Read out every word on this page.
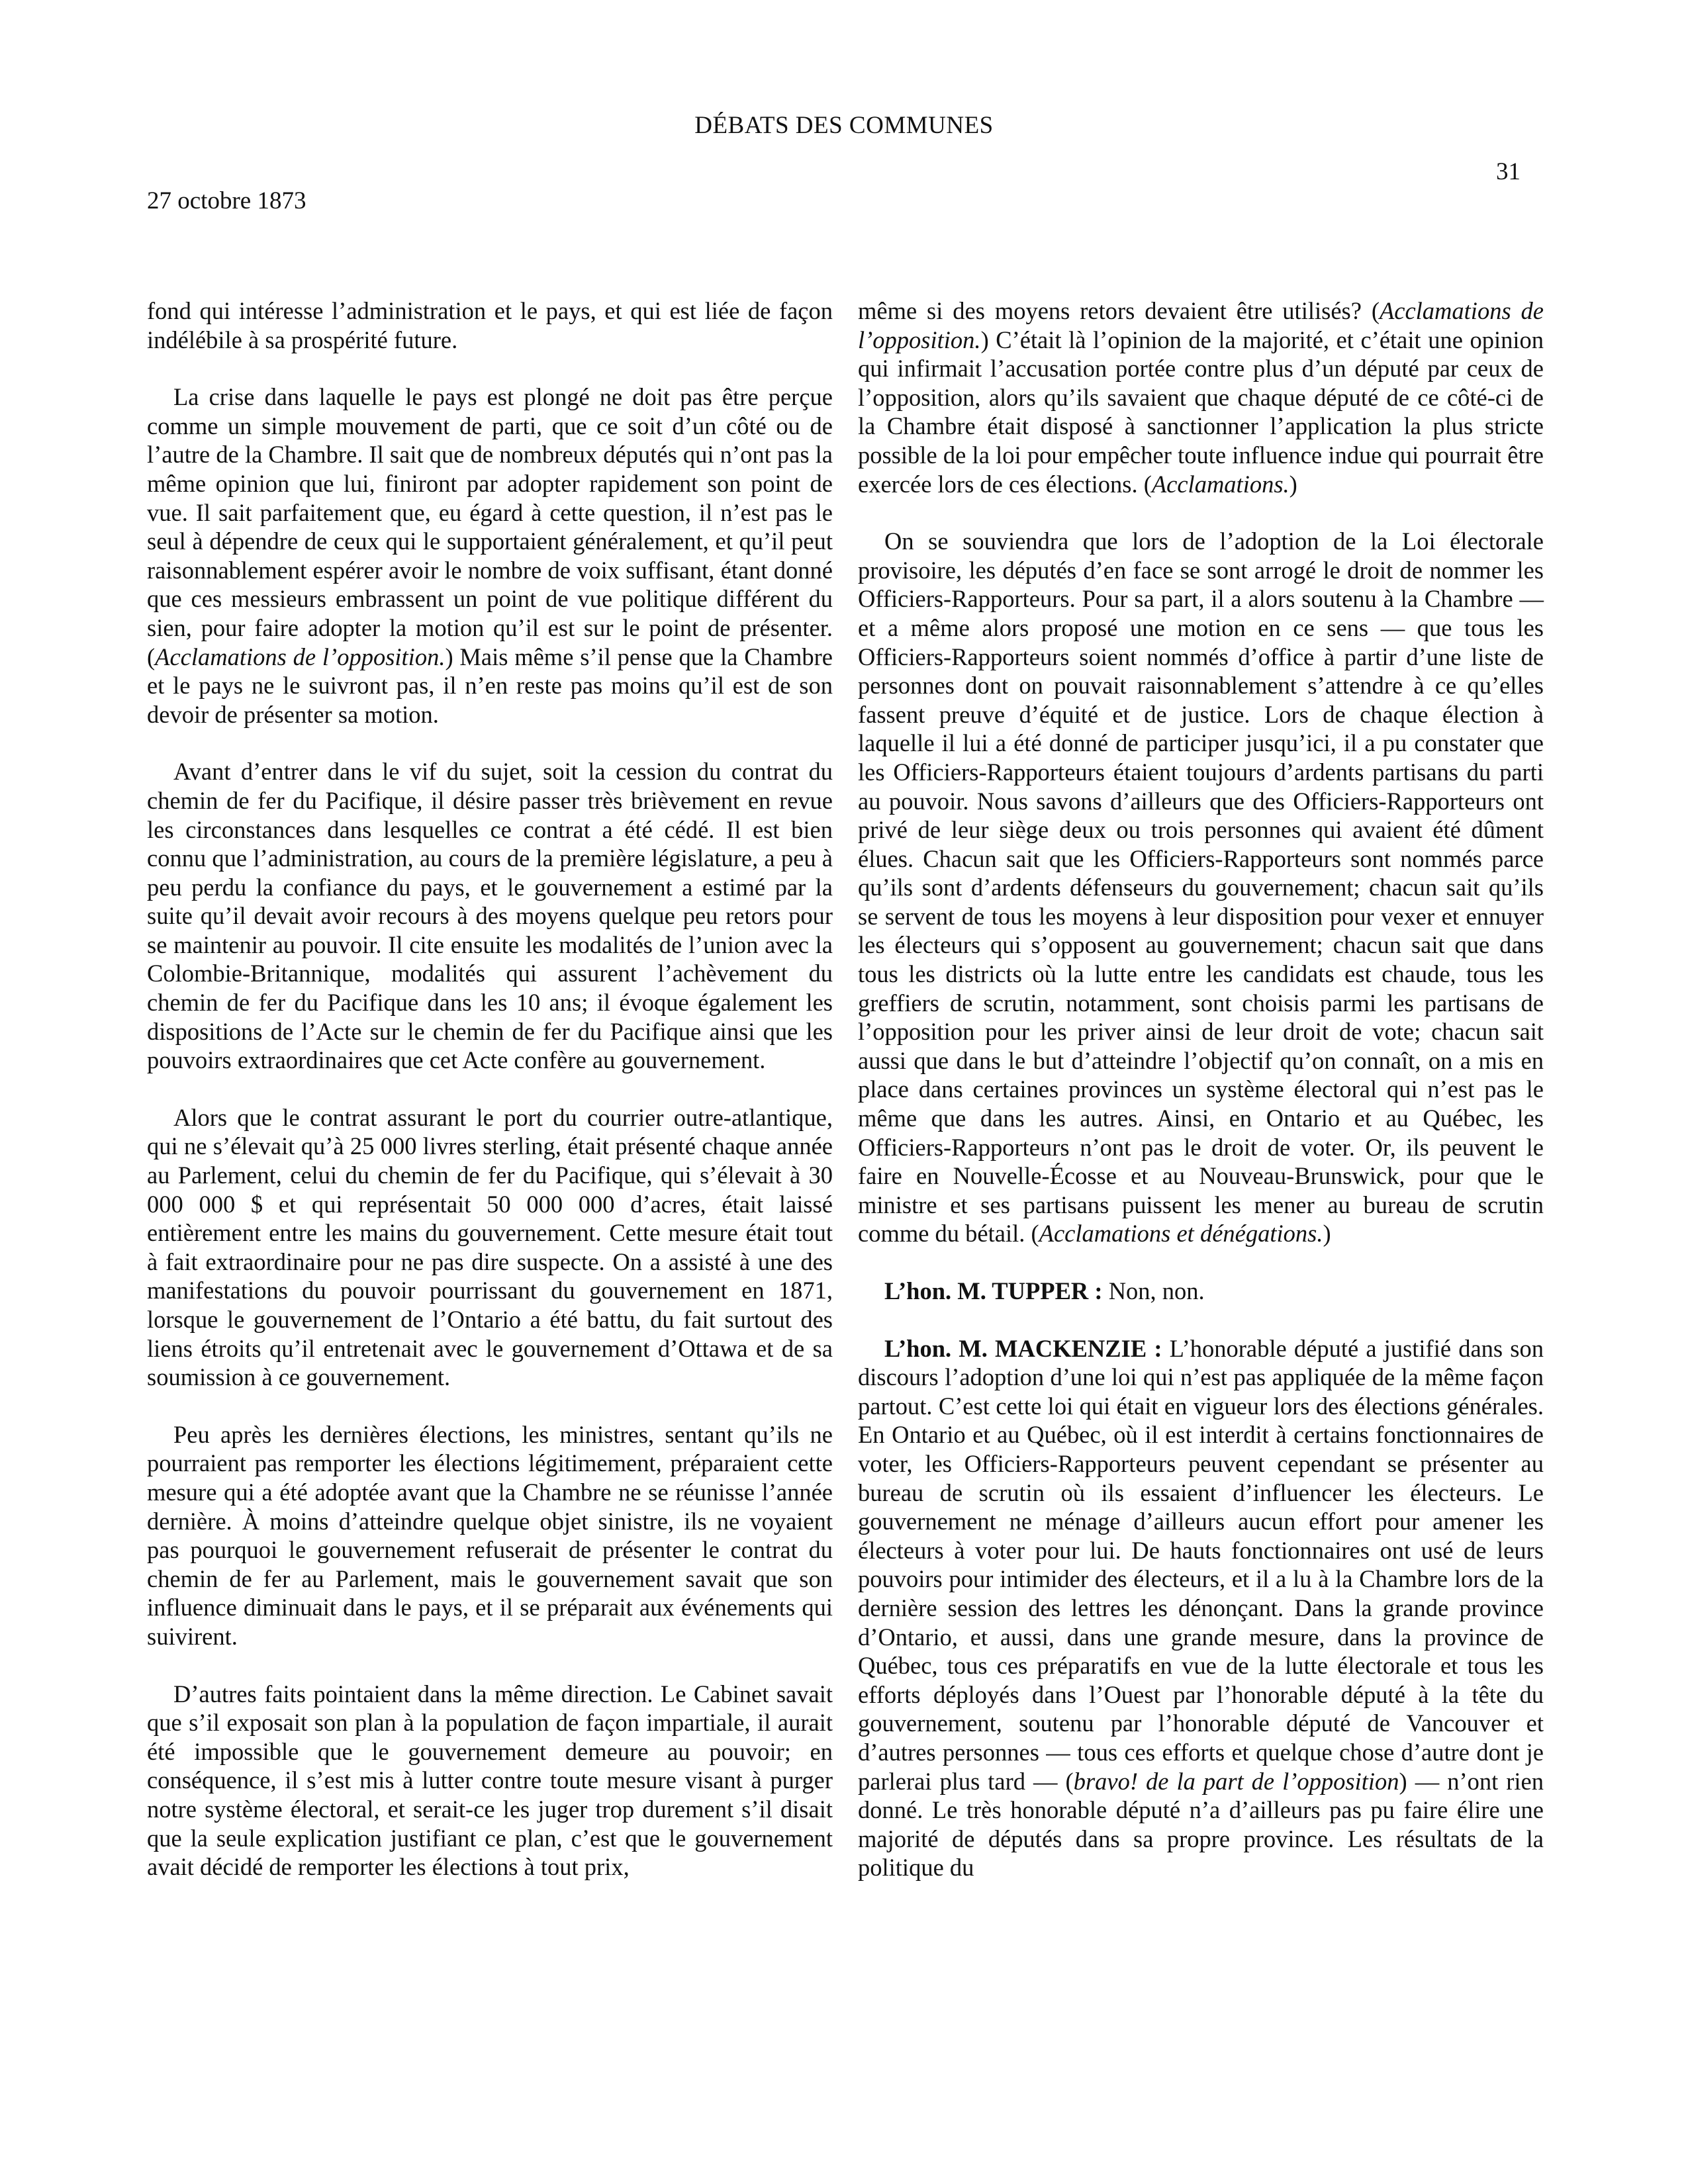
DÉBATS DES COMMUNES
31
27 octobre 1873

fond qui intéresse l’administration et le pays, et qui est liée de façon indélébile à sa prospérité future.

La crise dans laquelle le pays est plongé ne doit pas être perçue comme un simple mouvement de parti, que ce soit d’un côté ou de l’autre de la Chambre. Il sait que de nombreux députés qui n’ont pas la même opinion que lui, finiront par adopter rapidement son point de vue. Il sait parfaitement que, eu égard à cette question, il n’est pas le seul à dépendre de ceux qui le supportaient généralement, et qu’il peut raisonnablement espérer avoir le nombre de voix suffisant, étant donné que ces messieurs embrassent un point de vue politique différent du sien, pour faire adopter la motion qu’il est sur le point de présenter. (Acclamations de l’opposition.) Mais même s’il pense que la Chambre et le pays ne le suivront pas, il n’en reste pas moins qu’il est de son devoir de présenter sa motion.

Avant d’entrer dans le vif du sujet, soit la cession du contrat du chemin de fer du Pacifique, il désire passer très brièvement en revue les circonstances dans lesquelles ce contrat a été cédé. Il est bien connu que l’administration, au cours de la première législature, a peu à peu perdu la confiance du pays, et le gouvernement a estimé par la suite qu’il devait avoir recours à des moyens quelque peu retors pour se maintenir au pouvoir. Il cite ensuite les modalités de l’union avec la Colombie-Britannique, modalités qui assurent l’achèvement du chemin de fer du Pacifique dans les 10 ans; il évoque également les dispositions de l’Acte sur le chemin de fer du Pacifique ainsi que les pouvoirs extraordinaires que cet Acte confère au gouvernement.

Alors que le contrat assurant le port du courrier outre-atlantique, qui ne s’élevait qu’à 25 000 livres sterling, était présenté chaque année au Parlement, celui du chemin de fer du Pacifique, qui s’élevait à 30 000 000 $ et qui représentait 50 000 000 d’acres, était laissé entièrement entre les mains du gouvernement. Cette mesure était tout à fait extraordinaire pour ne pas dire suspecte. On a assisté à une des manifestations du pouvoir pourrissant du gouvernement en 1871, lorsque le gouvernement de l’Ontario a été battu, du fait surtout des liens étroits qu’il entretenait avec le gouvernement d’Ottawa et de sa soumission à ce gouvernement.

Peu après les dernières élections, les ministres, sentant qu’ils ne pourraient pas remporter les élections légitimement, préparaient cette mesure qui a été adoptée avant que la Chambre ne se réunisse l’année dernière. À moins d’atteindre quelque objet sinistre, ils ne voyaient pas pourquoi le gouvernement refuserait de présenter le contrat du chemin de fer au Parlement, mais le gouvernement savait que son influence diminuait dans le pays, et il se préparait aux événements qui suivirent.

D’autres faits pointaient dans la même direction. Le Cabinet savait que s’il exposait son plan à la population de façon impartiale, il aurait été impossible que le gouvernement demeure au pouvoir; en conséquence, il s’est mis à lutter contre toute mesure visant à purger notre système électoral, et serait-ce les juger trop durement s’il disait que la seule explication justifiant ce plan, c’est que le gouvernement avait décidé de remporter les élections à tout prix,

même si des moyens retors devaient être utilisés? (Acclamations de l’opposition.) C’était là l’opinion de la majorité, et c’était une opinion qui infirmait l’accusation portée contre plus d’un député par ceux de l’opposition, alors qu’ils savaient que chaque député de ce côté-ci de la Chambre était disposé à sanctionner l’application la plus stricte possible de la loi pour empêcher toute influence indue qui pourrait être exercée lors de ces élections. (Acclamations.)

On se souviendra que lors de l’adoption de la Loi électorale provisoire, les députés d’en face se sont arrogé le droit de nommer les Officiers-Rapporteurs. Pour sa part, il a alors soutenu à la Chambre — et a même alors proposé une motion en ce sens — que tous les Officiers-Rapporteurs soient nommés d’office à partir d’une liste de personnes dont on pouvait raisonnablement s’attendre à ce qu’elles fassent preuve d’équité et de justice. Lors de chaque élection à laquelle il lui a été donné de participer jusqu’ici, il a pu constater que les Officiers-Rapporteurs étaient toujours d’ardents partisans du parti au pouvoir. Nous savons d’ailleurs que des Officiers-Rapporteurs ont privé de leur siège deux ou trois personnes qui avaient été dûment élues. Chacun sait que les Officiers-Rapporteurs sont nommés parce qu’ils sont d’ardents défenseurs du gouvernement; chacun sait qu’ils se servent de tous les moyens à leur disposition pour vexer et ennuyer les électeurs qui s’opposent au gouvernement; chacun sait que dans tous les districts où la lutte entre les candidats est chaude, tous les greffiers de scrutin, notamment, sont choisis parmi les partisans de l’opposition pour les priver ainsi de leur droit de vote; chacun sait aussi que dans le but d’atteindre l’objectif qu’on connaît, on a mis en place dans certaines provinces un système électoral qui n’est pas le même que dans les autres. Ainsi, en Ontario et au Québec, les Officiers-Rapporteurs n’ont pas le droit de voter. Or, ils peuvent le faire en Nouvelle-Écosse et au Nouveau-Brunswick, pour que le ministre et ses partisans puissent les mener au bureau de scrutin comme du bétail. (Acclamations et dénégations.)

L’hon. M. TUPPER : Non, non.

L’hon. M. MACKENZIE : L’honorable député a justifié dans son discours l’adoption d’une loi qui n’est pas appliquée de la même façon partout. C’est cette loi qui était en vigueur lors des élections générales. En Ontario et au Québec, où il est interdit à certains fonctionnaires de voter, les Officiers-Rapporteurs peuvent cependant se présenter au bureau de scrutin où ils essaient d’influencer les électeurs. Le gouvernement ne ménage d’ailleurs aucun effort pour amener les électeurs à voter pour lui. De hauts fonctionnaires ont usé de leurs pouvoirs pour intimider des électeurs, et il a lu à la Chambre lors de la dernière session des lettres les dénonçant. Dans la grande province d’Ontario, et aussi, dans une grande mesure, dans la province de Québec, tous ces préparatifs en vue de la lutte électorale et tous les efforts déployés dans l’Ouest par l’honorable député à la tête du gouvernement, soutenu par l’honorable député de Vancouver et d’autres personnes — tous ces efforts et quelque chose d’autre dont je parlerai plus tard — (bravo! de la part de l’opposition) — n’ont rien donné. Le très honorable député n’a d’ailleurs pas pu faire élire une majorité de députés dans sa propre province. Les résultats de la politique du
